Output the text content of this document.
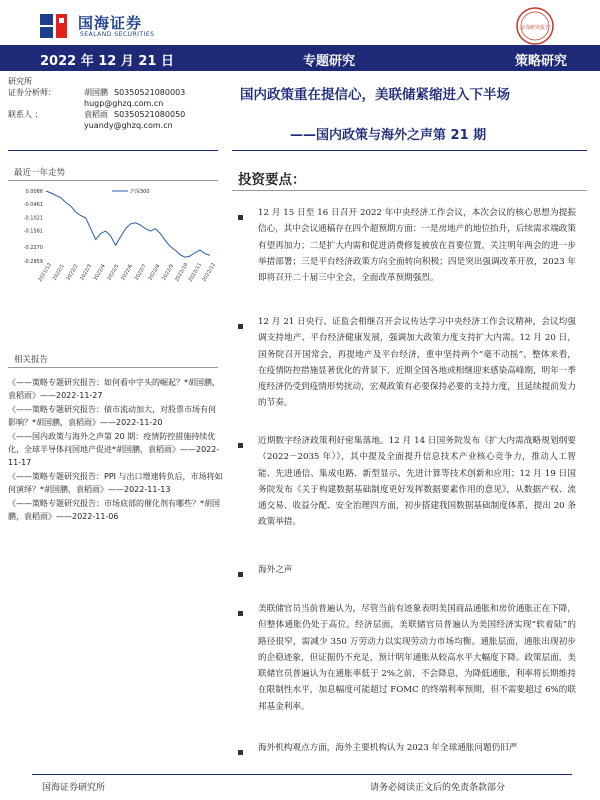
国海证券
SEALAND SECURITIES
证券研究报告
2022 年 12 月 21 日	专题研究	策略研究
研究所
证券分析师：	胡国鹏 S0350521080003
hugp@ghzq.com.cn
联系人 ：	袁稻雨 S0350521080050
yuandy@ghzq.com.cn
国内政策重在提信心，美联储紧缩进入下半场
——国内政策与海外之声第 21 期
最近一年走势
0.0086
-0.0461
-0.1021
-0.1581
-0.2270
-0.2859
2021/12
2022/1 2022/2 2022/3 2022/4 2022/5 2022/6 2022/7 2022/8 2022/9
2022/10
2022/11
2022/12
沪深300
投资要点：
12 月 15 日至 16 日召开 2022 年中央经济工作会议，本次会议的核心思想为提振信心，其中会议通稿存在四个超预期方面：一是房地产的地位抬升，后续需求端政策有望再加力；二是扩大内需和促进消费修复被放在首要位置，关注明年两会的进一步举措部署；三是平台经济政策方向全面转向积极；四是突出强调改革开放，2023 年即将召开二十届三中全会，全面改革预期强烈。
12 月 21 日央行、证监会相继召开会议传达学习中央经济工作会议精神，会议均强调支持地产、平台经济健康发展，强调加大政策力度支持扩大内需。12 月 20 日，国务院召开国常会，再提地产及平台经济，重申坚持两个“毫不动摇”。整体来看，在疫情防控措施显著优化的背景下，近期全国各地或相继迎来感染高峰期，明年一季度经济仍受到疫情形势扰动，宏观政策有必要保持必要的支持力度，且延续提前发力的节奏。
近期数字经济政策利好密集落地。12 月 14 日国务院发布《扩大内需战略规划纲要（2022－2035 年）》，其中提及全面提升信息技术产业核心竞争力，推动人工智能、先进通信、集成电路、新型显示、先进计算等技术创新和应用；12 月 19 日国务院发布《关于构建数据基础制度更好发挥数据要素作用的意见》，从数据产权、流通交易、收益分配、安全治理四方面，初步搭建我国数据基础制度体系，提出 20 条政策举措。
海外之声
美联储官员当前普遍认为，尽管当前有迹象表明美国商品通胀和房价通胀正在下降，但整体通胀仍处于高位。经济层面，美联储官员普遍认为美国经济实现“软着陆”的路径很窄，需减少 350 万劳动力以实现劳动力市场均衡。通胀层面，通胀出现初步的企稳迹象，但证据仍不充足，预计明年通胀从较高水平大幅度下降。政策层面，美联储官员普遍认为在通胀率低于 2%之前，不会降息，为降低通胀，利率将长期维持在限制性水平，加息幅度可能超过 FOMC 的终端利率预期，但不需要超过 6%的联邦基金利率。
海外机构观点方面，海外主要机构认为 2023 年全球通胀问题仍旧严
相关报告

《——策略专题研究报告：如何看中字头的崛起？*胡国鹏，袁稻雨》——2022-11-27

《——策略专题研究报告：债市流动加大，对股票市场有何影响？*胡国鹏，袁稻雨》——2022-11-20

《——国内政策与海外之声第 20 期：疫情防控措施持续优化，全球半导体问国地产促进*胡国鹏，袁稻雨》——2022-11-17

《——策略专题研究报告：PPI 与出口增速转负后，市场将如何演绎？*胡国鹏，袁稻雨》——2022-11-13

《——策略专题研究报告：市场底部的催化剂有哪些？*胡国鹏，袁稻雨》——2022-11-06

国海证券研究所	请务必阅读正文后的免责条款部分
